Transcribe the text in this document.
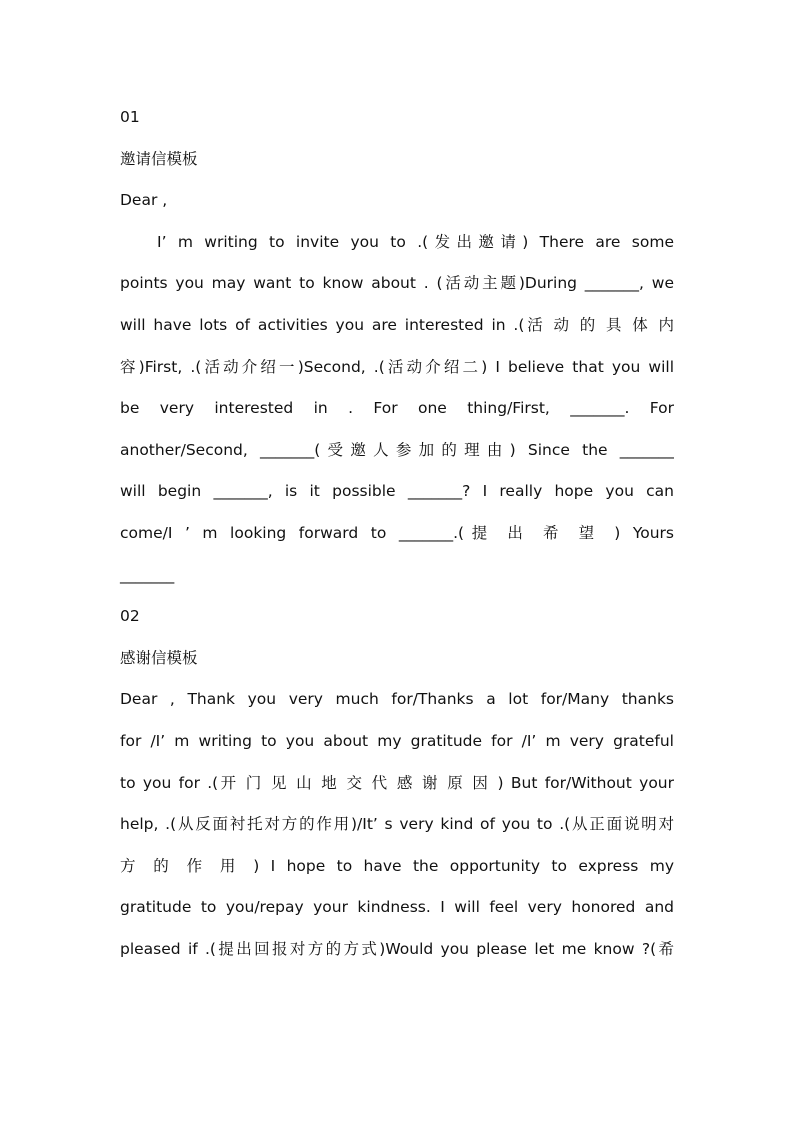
01
邀请信模板
Dear ,
I’ m writing to invite you to .(发出邀请) There are some
points you may want to know about . (活动主题)During _______, we
will have lots of activities you are interested in .(活 动 的 具 体 内
容)First, .(活动介绍一)Second, .(活动介绍二) I believe that you will
be very interested in . For one thing/First, _______. For
another/Second, _______(受邀人参加的理由) Since the _______
will begin _______, is it possible _______? I really hope you can
come/I ’ m looking forward to _______.(提 出 希 望 ) Yours
_______
02
感谢信模板
Dear , Thank you very much for/Thanks a lot for/Many thanks
for /I’ m writing to you about my gratitude for /I’ m very grateful
to you for .(开 门 见 山 地 交 代 感 谢 原 因 ) But for/Without your
help, .(从反面衬托对方的作用)/It’ s very kind of you to .(从正面说明对
方 的 作 用 ) I hope to have the opportunity to express my
gratitude to you/repay your kindness. I will feel very honored and
pleased if .(提出回报对方的方式)Would you please let me know ?(希
